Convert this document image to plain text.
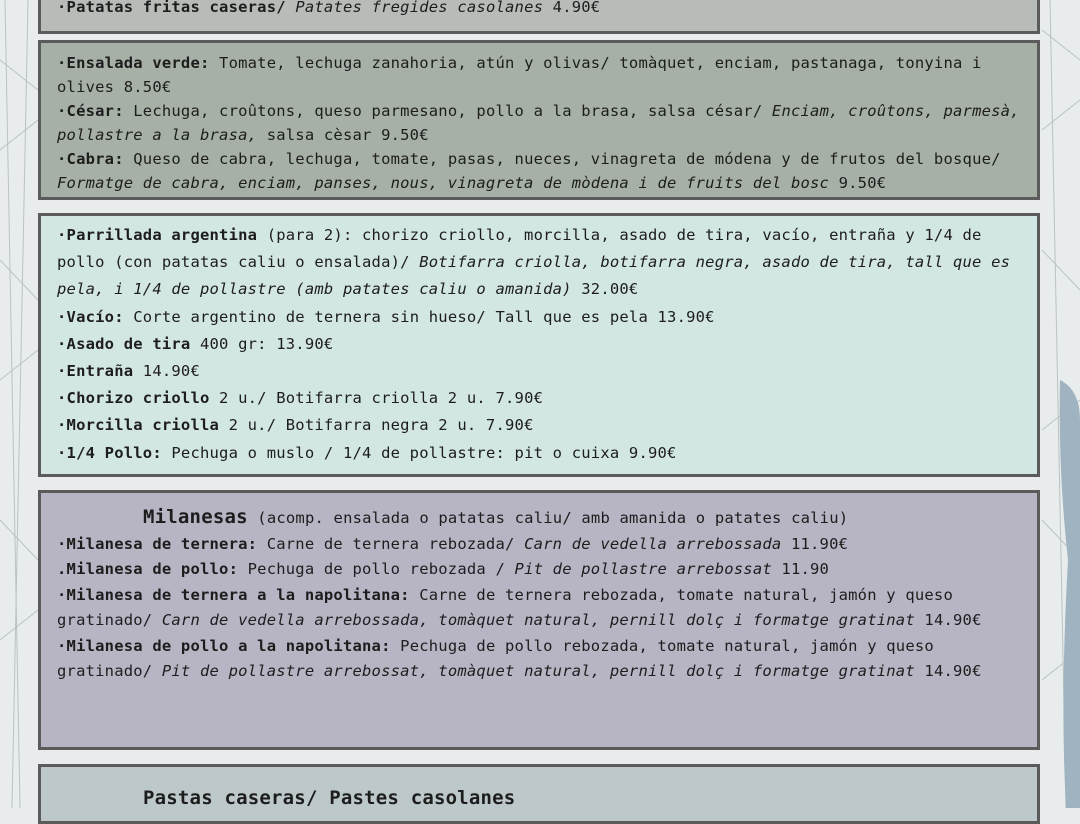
·Patatas fritas caseras/ Patates fregides casolanes 4.90€

·Ensalada verde: Tomate, lechuga zanahoria, atún y olivas/ tomàquet, enciam, pastanaga, tonyina i olives 8.50€

·César: Lechuga, croûtons, queso parmesano, pollo a la brasa, salsa césar/ Enciam, croûtons, parmesà, pollastre a la brasa, salsa cèsar 9.50€

·Cabra: Queso de cabra, lechuga, tomate, pasas, nueces, vinagreta de módena y de frutos del bosque/ Formatge de cabra, enciam, panses, nous, vinagreta de mòdena i de fruits del bosc 9.50€

·Parrillada argentina (para 2): chorizo criollo, morcilla, asado de tira, vacío, entraña y 1/4 de pollo (con patatas caliu o ensalada)/ Botifarra criolla, botifarra negra, asado de tira, tall que es pela, i 1/4 de pollastre (amb patates caliu o amanida) 32.00€

·Vacío: Corte argentino de ternera sin hueso/ Tall que es pela 13.90€

·Asado de tira 400 gr: 13.90€

·Entraña 14.90€

·Chorizo criollo 2 u./ Botifarra criolla 2 u. 7.90€

·Morcilla criolla 2 u./ Botifarra negra 2 u. 7.90€

·1/4 Pollo: Pechuga o muslo / 1/4 de pollastre: pit o cuixa 9.90€

Milanesas (acomp. ensalada o patatas caliu/ amb amanida o patates caliu)

·Milanesa de ternera: Carne de ternera rebozada/ Carn de vedella arrebossada 11.90€

.Milanesa de pollo: Pechuga de pollo rebozada / Pit de pollastre arrebossat 11.90

·Milanesa de ternera a la napolitana: Carne de ternera rebozada, tomate natural, jamón y queso gratinado/ Carn de vedella arrebossada, tomàquet natural, pernill dolç i formatge gratinat 14.90€

·Milanesa de pollo a la napolitana: Pechuga de pollo rebozada, tomate natural, jamón y queso gratinado/ Pit de pollastre arrebossat, tomàquet natural, pernill dolç i formatge gratinat 14.90€

Pastas caseras/ Pastes casolanes
